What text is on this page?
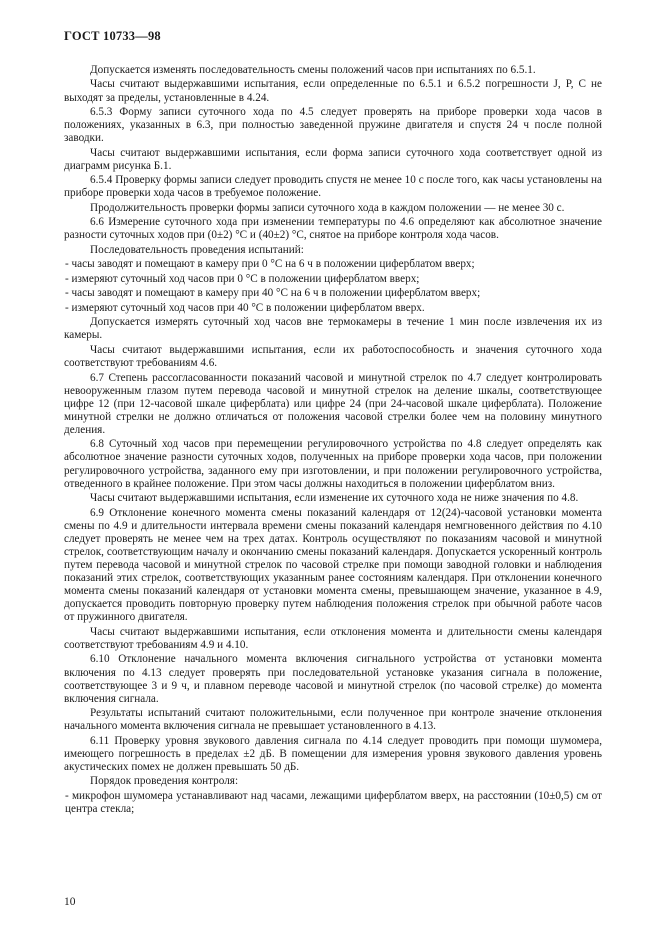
ГОСТ 10733—98

Допускается изменять последовательность смены положений часов при испытаниях по 6.5.1.

Часы считают выдержавшими испытания, если определенные по 6.5.1 и 6.5.2 погрешности J, P, C не выходят за пределы, установленные в 4.24.

6.5.3 Форму записи суточного хода по 4.5 следует проверять на приборе проверки хода часов в положениях, указанных в 6.3, при полностью заведенной пружине двигателя и спустя 24 ч после полной заводки.

Часы считают выдержавшими испытания, если форма записи суточного хода соответствует одной из диаграмм рисунка Б.1.

6.5.4 Проверку формы записи следует проводить спустя не менее 10 с после того, как часы установлены на приборе проверки хода часов в требуемое положение.

Продолжительность проверки формы записи суточного хода в каждом положении — не менее 30 с.

6.6 Измерение суточного хода при изменении температуры по 4.6 определяют как абсолютное значение разности суточных ходов при (0±2) °С и (40±2) °С, снятое на приборе контроля хода часов.

Последовательность проведения испытаний:

- часы заводят и помещают в камеру при 0 °С на 6 ч в положении циферблатом вверх;

- измеряют суточный ход часов при 0 °С в положении циферблатом вверх;

- часы заводят и помещают в камеру при 40 °С на 6 ч в положении циферблатом вверх;

- измеряют суточный ход часов при 40 °С в положении циферблатом вверх.

Допускается измерять суточный ход часов вне термокамеры в течение 1 мин после извлечения их из камеры.

Часы считают выдержавшими испытания, если их работоспособность и значения суточного хода соответствуют требованиям 4.6.

6.7 Степень рассогласованности показаний часовой и минутной стрелок по 4.7 следует контролировать невооруженным глазом путем перевода часовой и минутной стрелок на деление шкалы, соответствующее цифре 12 (при 12-часовой шкале циферблата) или цифре 24 (при 24-часовой шкале циферблата). Положение минутной стрелки не должно отличаться от положения часовой стрелки более чем на половину минутного деления.

6.8 Суточный ход часов при перемещении регулировочного устройства по 4.8 следует определять как абсолютное значение разности суточных ходов, полученных на приборе проверки хода часов, при положении регулировочного устройства, заданного ему при изготовлении, и при положении регулировочного устройства, отведенного в крайнее положение. При этом часы должны находиться в положении циферблатом вниз.

Часы считают выдержавшими испытания, если изменение их суточного хода не ниже значения по 4.8.

6.9 Отклонение конечного момента смены показаний календаря от 12(24)-часовой установки момента смены по 4.9 и длительности интервала времени смены показаний календаря немгновенного действия по 4.10 следует проверять не менее чем на трех датах. Контроль осуществляют по показаниям часовой и минутной стрелок, соответствующим началу и окончанию смены показаний календаря. Допускается ускоренный контроль путем перевода часовой и минутной стрелок по часовой стрелке при помощи заводной головки и наблюдения показаний этих стрелок, соответствующих указанным ранее состояниям календаря. При отклонении конечного момента смены показаний календаря от установки момента смены, превышающем значение, указанное в 4.9, допускается проводить повторную проверку путем наблюдения положения стрелок при обычной работе часов от пружинного двигателя.

Часы считают выдержавшими испытания, если отклонения момента и длительности смены календаря соответствуют требованиям 4.9 и 4.10.

6.10 Отклонение начального момента включения сигнального устройства от установки момента включения по 4.13 следует проверять при последовательной установке указания сигнала в положение, соответствующее 3 и 9 ч, и плавном переводе часовой и минутной стрелок (по часовой стрелке) до момента включения сигнала.

Результаты испытаний считают положительными, если полученное при контроле значение отклонения начального момента включения сигнала не превышает установленного в 4.13.

6.11 Проверку уровня звукового давления сигнала по 4.14 следует проводить при помощи шумомера, имеющего погрешность в пределах ±2 дБ. В помещении для измерения уровня звукового давления уровень акустических помех не должен превышать 50 дБ.

Порядок проведения контроля:

- микрофон шумомера устанавливают над часами, лежащими циферблатом вверх, на расстоянии (10±0,5) см от центра стекла;

10
